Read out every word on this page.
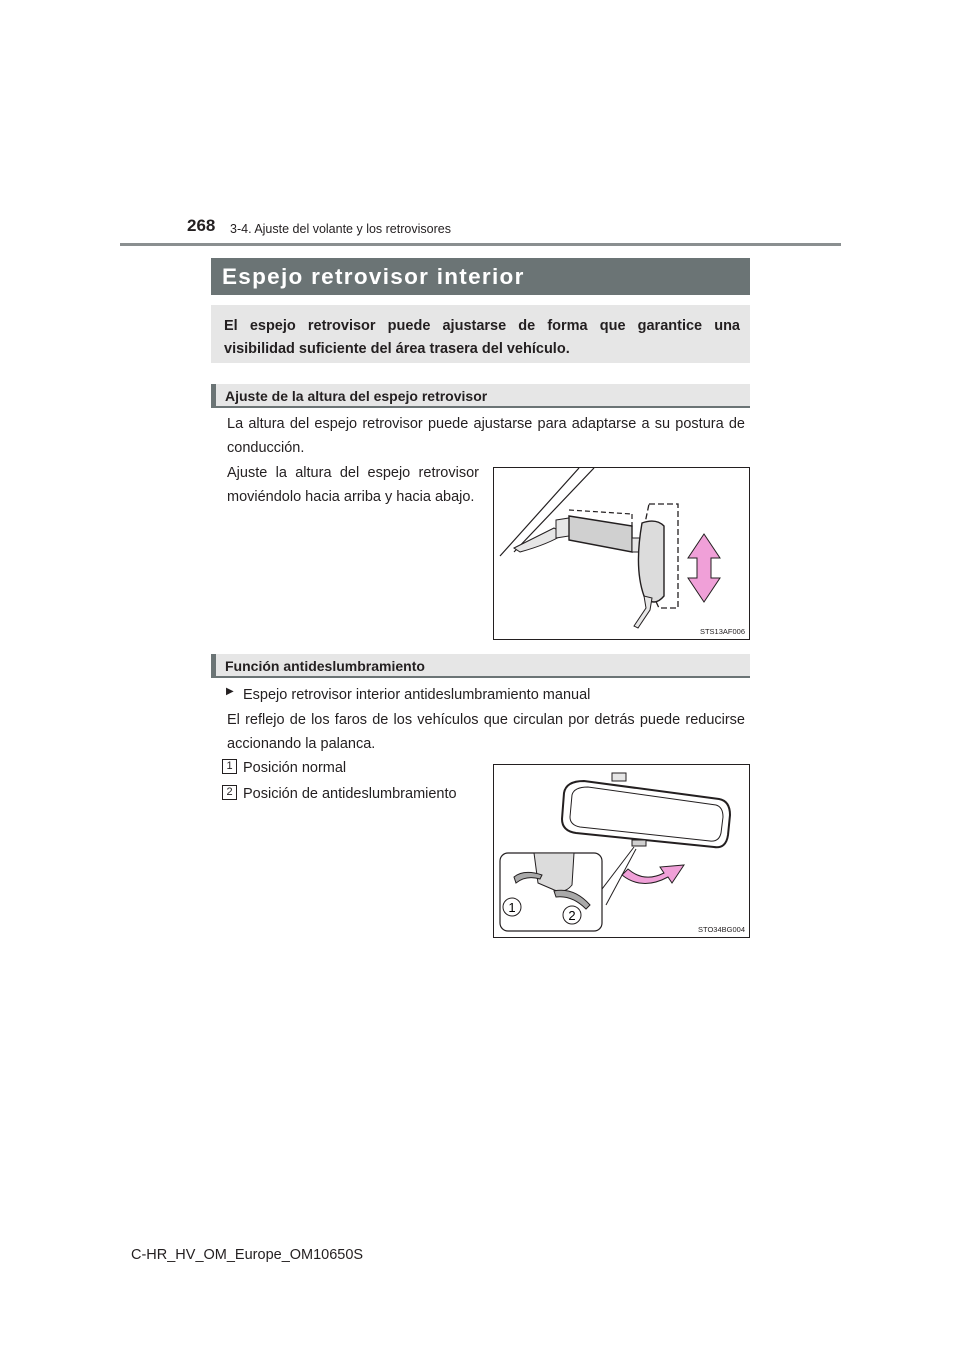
268 3-4. Ajuste del volante y los retrovisores
Espejo retrovisor interior
El espejo retrovisor puede ajustarse de forma que garantice una visibilidad suficiente del área trasera del vehículo.
Ajuste de la altura del espejo retrovisor
La altura del espejo retrovisor puede ajustarse para adaptarse a su postura de conducción.
Ajuste la altura del espejo retrovisor moviéndolo hacia arriba y hacia abajo.
STS13AF006
Función antideslumbramiento
▶ Espejo retrovisor interior antideslumbramiento manual
El reflejo de los faros de los vehículos que circulan por detrás puede reducirse accionando la palanca.
1 Posición normal
2 Posición de antideslumbramiento
1
2
STO34BG004
C-HR_HV_OM_Europe_OM10650S
